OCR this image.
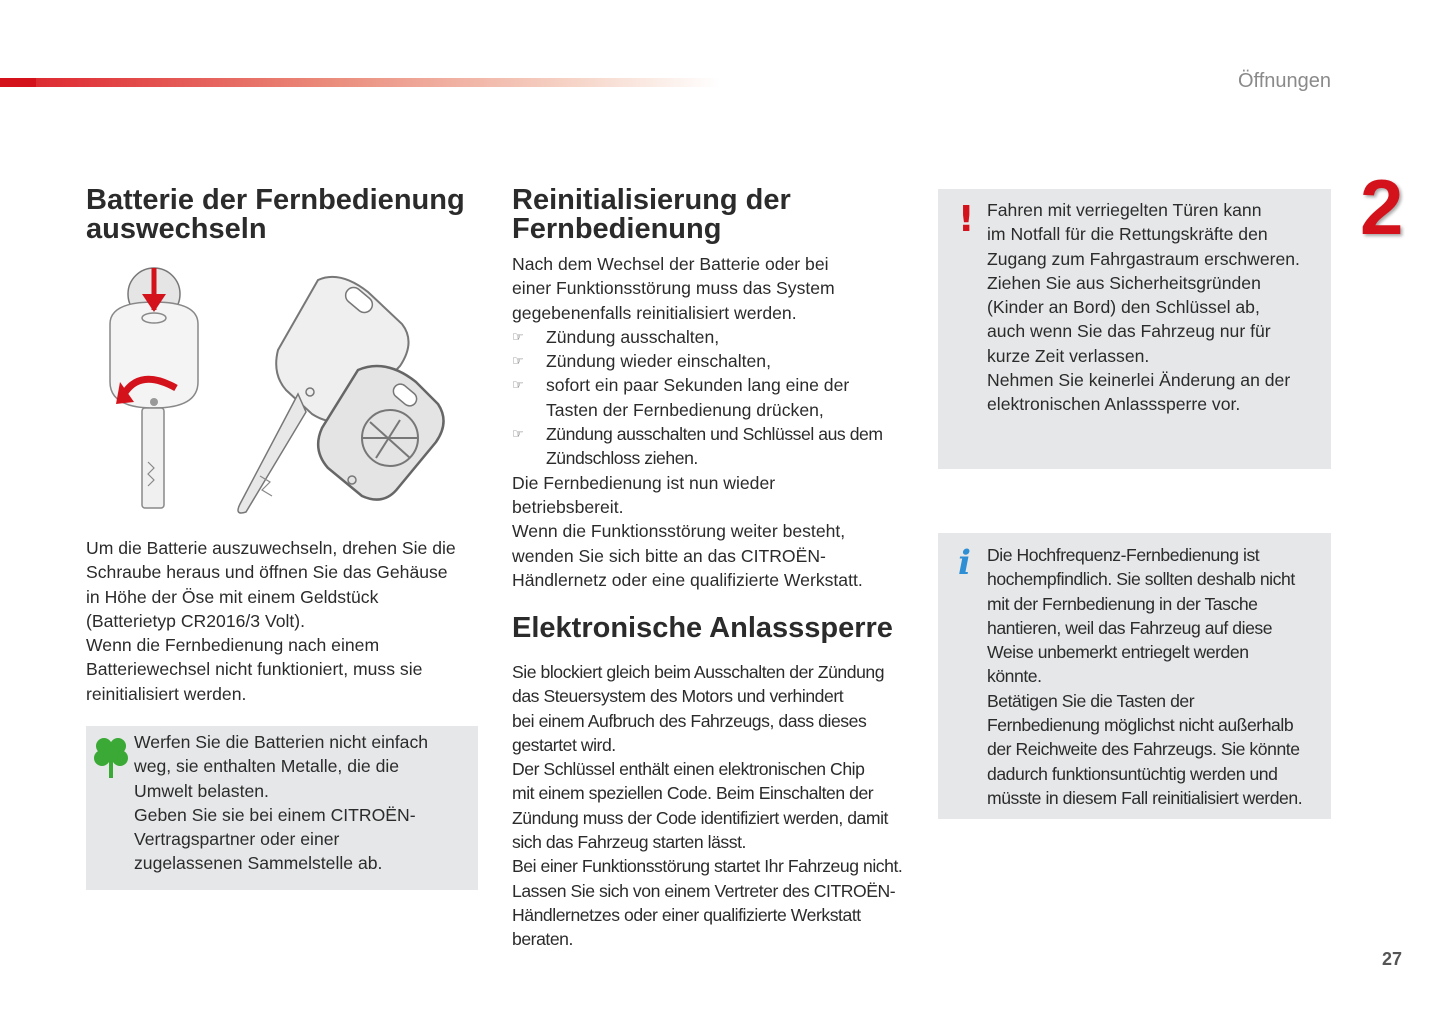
Öffnungen
2
27
Batterie der Fernbedienung
auswechseln

Um die Batterie auszuwechseln, drehen Sie die

Schraube heraus und öffnen Sie das Gehäuse

in Höhe der Öse mit einem Geldstück

(Batterietyp CR2016/3 Volt).

Wenn die Fernbedienung nach einem

Batteriewechsel nicht funktioniert, muss sie

reinitialisiert werden.

Werfen Sie die Batterien nicht einfach

weg, sie enthalten Metalle, die die

Umwelt belasten.

Geben Sie sie bei einem CITROËN-

Vertragspartner oder einer

zugelassenen Sammelstelle ab.

Reinitialisierung der
Fernbedienung

Nach dem Wechsel der Batterie oder bei

einer Funktionsstörung muss das System

gegebenenfalls reinitialisiert werden.

☞ Zündung ausschalten,
☞ Zündung wieder einschalten,
☞ sofort ein paar Sekunden lang eine der
Tasten der Fernbedienung drücken,
☞ Zündung ausschalten und Schlüssel aus dem
Zündschloss ziehen.

Die Fernbedienung ist nun wieder

betriebsbereit.

Wenn die Funktionsstörung weiter besteht,

wenden Sie sich bitte an das CITROËN-

Händlernetz oder eine qualifizierte Werkstatt.

Elektronische Anlasssperre

Sie blockiert gleich beim Ausschalten der Zündung

das Steuersystem des Motors und verhindert

bei einem Aufbruch des Fahrzeugs, dass dieses

gestartet wird.

Der Schlüssel enthält einen elektronischen Chip

mit einem speziellen Code. Beim Einschalten der

Zündung muss der Code identifiziert werden, damit

sich das Fahrzeug starten lässt.

Bei einer Funktionsstörung startet Ihr Fahrzeug nicht.

Lassen Sie sich von einem Vertreter des CITROËN-

Händlernetzes oder einer qualifizierte Werkstatt

beraten.

! Fahren mit verriegelten Türen kann

im Notfall für die Rettungskräfte den

Zugang zum Fahrgastraum erschweren.

Ziehen Sie aus Sicherheitsgründen

(Kinder an Bord) den Schlüssel ab,

auch wenn Sie das Fahrzeug nur für

kurze Zeit verlassen.

Nehmen Sie keinerlei Änderung an der

elektronischen Anlasssperre vor.

i Die Hochfrequenz-Fernbedienung ist

hochempfindlich. Sie sollten deshalb nicht

mit der Fernbedienung in der Tasche

hantieren, weil das Fahrzeug auf diese

Weise unbemerkt entriegelt werden

könnte.

Betätigen Sie die Tasten der

Fernbedienung möglichst nicht außerhalb

der Reichweite des Fahrzeugs. Sie könnte

dadurch funktionsuntüchtig werden und

müsste in diesem Fall reinitialisiert werden.
